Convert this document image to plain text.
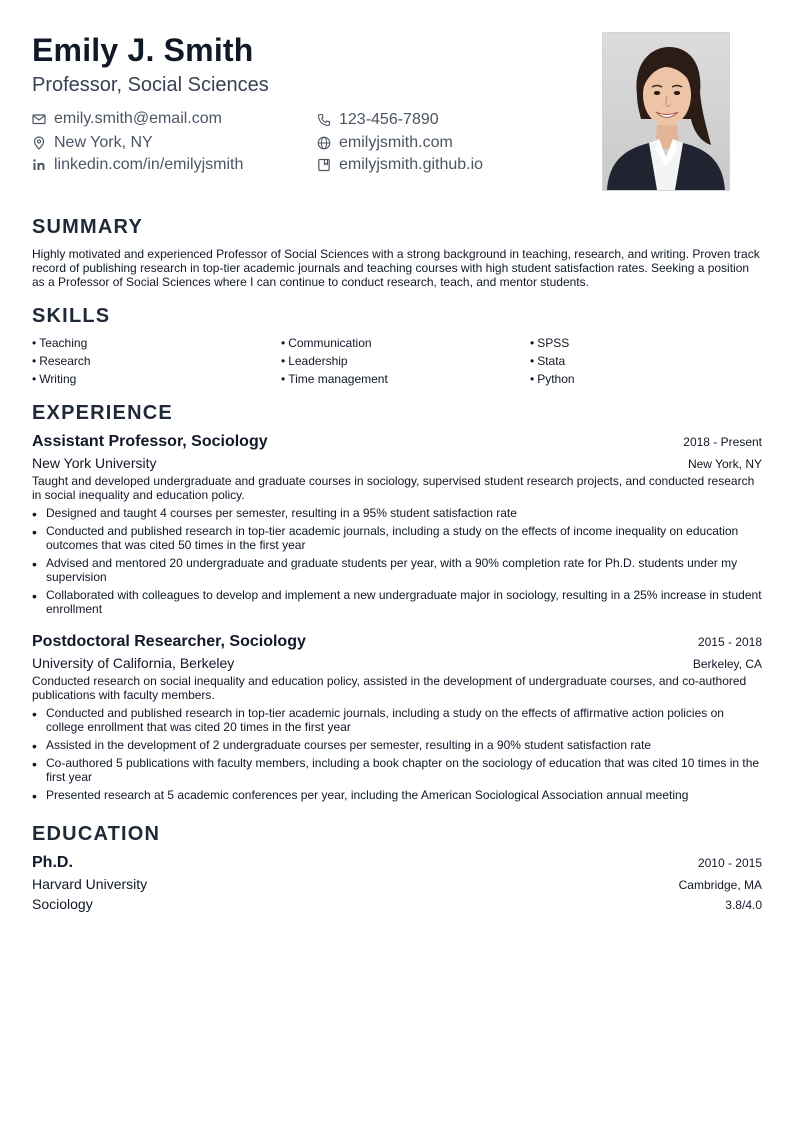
Emily J. Smith
Professor, Social Sciences
emily.smith@email.com	123-456-7890
New York, NY	emilyjsmith.com
linkedin.com/in/emilyjsmith	emilyjsmith.github.io
SUMMARY
Highly motivated and experienced Professor of Social Sciences with a strong background in teaching, research, and writing. Proven track record of publishing research in top-tier academic journals and teaching courses with high student satisfaction rates. Seeking a position as a Professor of Social Sciences where I can continue to conduct research, teach, and mentor students.
SKILLS
• Teaching	• Communication	• SPSS
• Research	• Leadership	• Stata
• Writing	• Time management	• Python
EXPERIENCE
Assistant Professor, Sociology	2018 - Present
New York University	New York, NY
Taught and developed undergraduate and graduate courses in sociology, supervised student research projects, and conducted research in social inequality and education policy.
• Designed and taught 4 courses per semester, resulting in a 95% student satisfaction rate
• Conducted and published research in top-tier academic journals, including a study on the effects of income inequality on education outcomes that was cited 50 times in the first year
• Advised and mentored 20 undergraduate and graduate students per year, with a 90% completion rate for Ph.D. students under my supervision
• Collaborated with colleagues to develop and implement a new undergraduate major in sociology, resulting in a 25% increase in student enrollment
Postdoctoral Researcher, Sociology	2015 - 2018
University of California, Berkeley	Berkeley, CA
Conducted research on social inequality and education policy, assisted in the development of undergraduate courses, and co-authored publications with faculty members.
• Conducted and published research in top-tier academic journals, including a study on the effects of affirmative action policies on college enrollment that was cited 20 times in the first year
• Assisted in the development of 2 undergraduate courses per semester, resulting in a 90% student satisfaction rate
• Co-authored 5 publications with faculty members, including a book chapter on the sociology of education that was cited 10 times in the first year
• Presented research at 5 academic conferences per year, including the American Sociological Association annual meeting
EDUCATION
Ph.D.	2010 - 2015
Harvard University	Cambridge, MA
Sociology	3.8/4.0
